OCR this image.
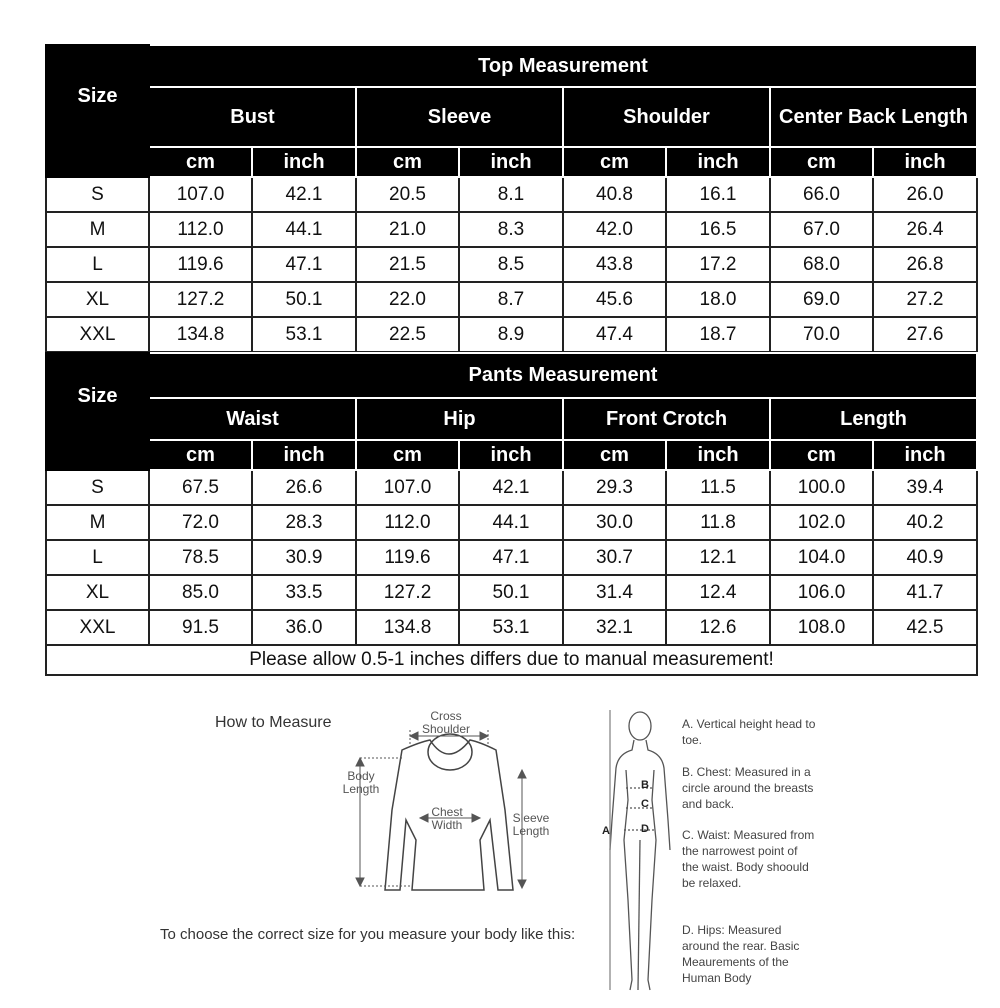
Size	Top Measurement							
	Bust		Sleeve		Shoulder		Center Back Length	
	cm	inch	cm	inch	cm	inch	cm	inch
S	107.0	42.1	20.5	8.1	40.8	16.1	66.0	26.0
M	112.0	44.1	21.0	8.3	42.0	16.5	67.0	26.4
L	119.6	47.1	21.5	8.5	43.8	17.2	68.0	26.8
XL	127.2	50.1	22.0	8.7	45.6	18.0	69.0	27.2
XXL	134.8	53.1	22.5	8.9	47.4	18.7	70.0	27.6
Size	Pants Measurement							
	Waist		Hip		Front Crotch		Length	
	cm	inch	cm	inch	cm	inch	cm	inch
S	67.5	26.6	107.0	42.1	29.3	11.5	100.0	39.4
M	72.0	28.3	112.0	44.1	30.0	11.8	102.0	40.2
L	78.5	30.9	119.6	47.1	30.7	12.1	104.0	40.9
XL	85.0	33.5	127.2	50.1	31.4	12.4	106.0	41.7
XXL	91.5	36.0	134.8	53.1	32.1	12.6	108.0	42.5
Please allow 0.5-1 inches differs due to manual measurement!								
How to Measure
To choose the correct size for you measure your body like this:
Cross Shoulder
Body Length
Chest Width
Sleeve Length	A
B
C
D
A. Vertical height head to toe.
B. Chest: Measured in a circle around the breasts and back.
C. Waist: Measured from the narrowest point of the waist. Body shoould be relaxed.
D. Hips: Measured around the rear. Basic Meaurements of the Human Body
